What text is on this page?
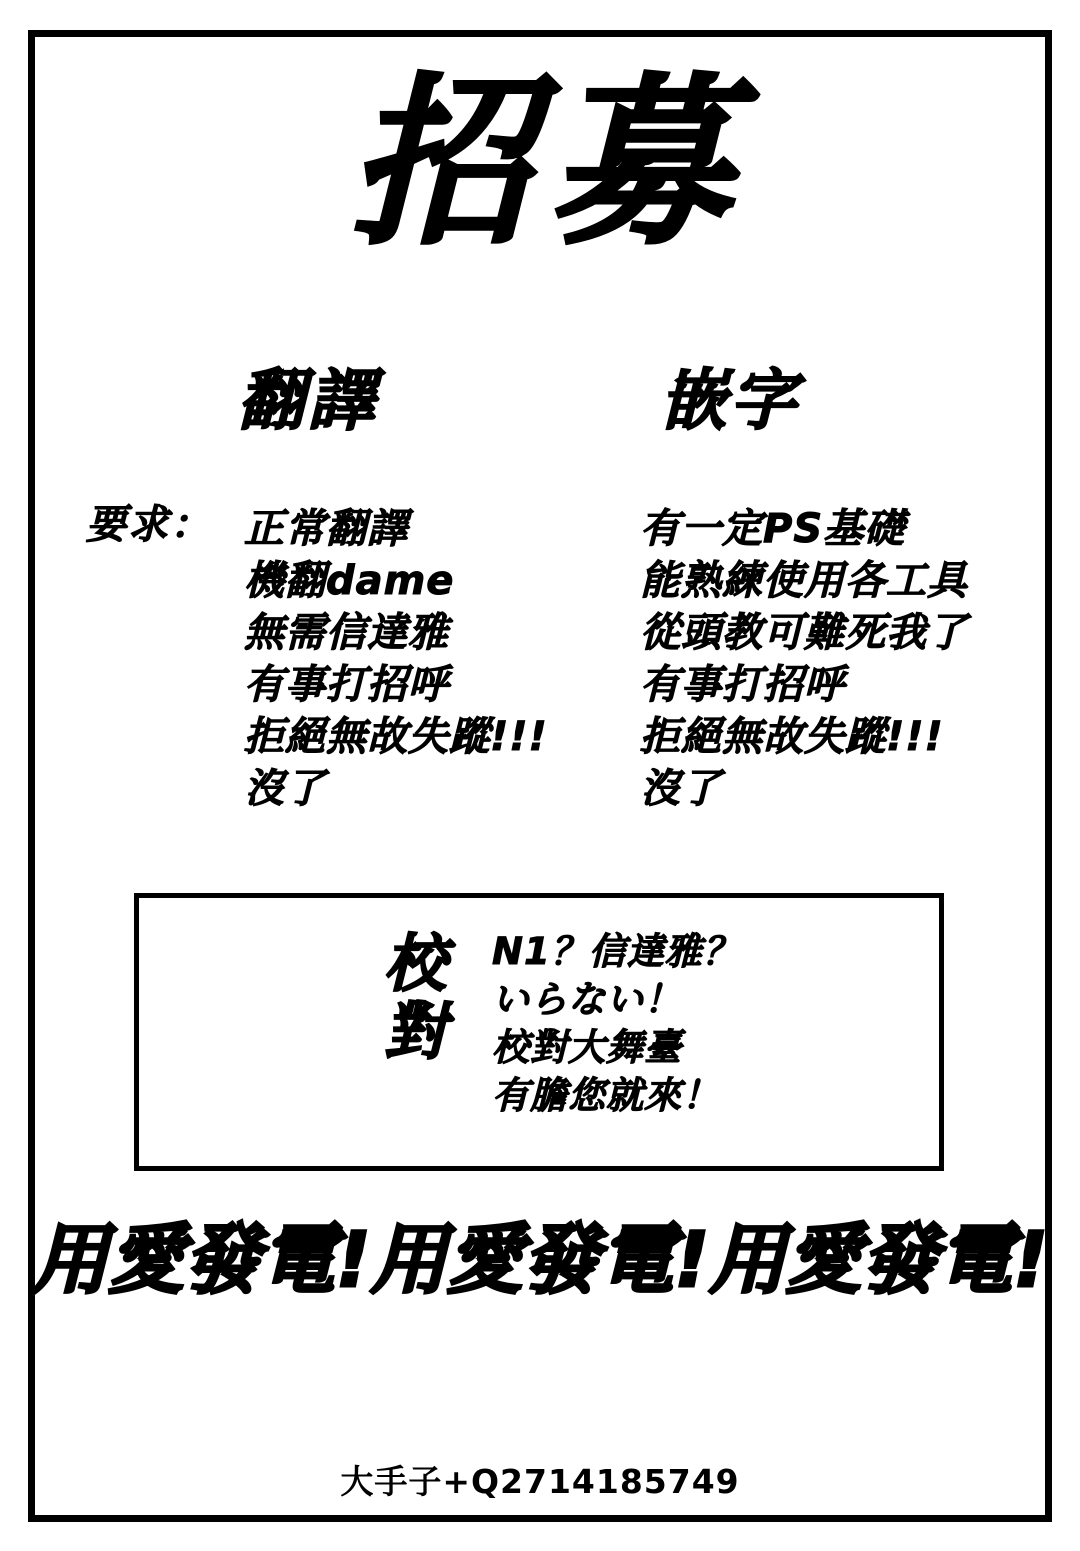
招募
翻譯	嵌字
要求： 正常翻譯
機翻dame
無需信達雅
有事打招呼
拒絕無故失蹤!!!
沒了
有一定PS基礎
能熟練使用各工具
從頭教可難死我了
有事打招呼
拒絕無故失蹤!!!
沒了
校
對
N1？信達雅？
いらない！
校對大舞臺
有膽您就來！
用愛發電!用愛發電!用愛發電!
大手子+Q2714185749
